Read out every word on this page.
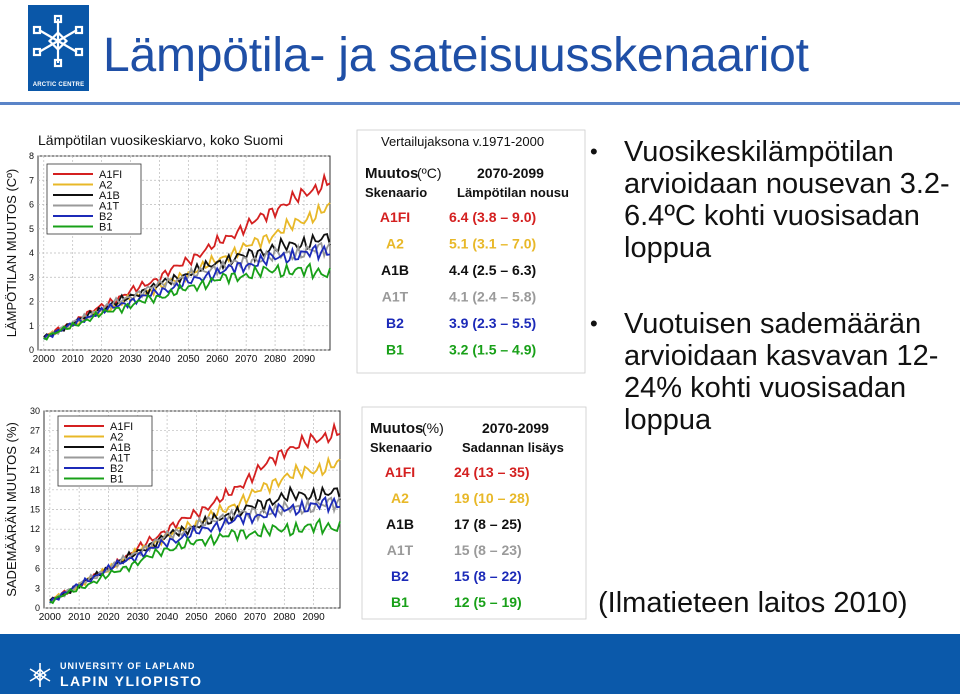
ARCTIC CENTRE
Lämpötila- ja sateisuusskenaariot
Lämpötilan vuosikeskiarvo, koko Suomi
LÄMPÖTILAN MUUTOS (Cº)
0
1
2
3
4
5
6
7
8
2000 2010 2020 2030 2040 2050 2060 2070 2080 2090
A1FI
A2
A1B
A1T
B2
B1
Vertailujaksona v.1971-2000
Muutos
(ºC)	2070-2099
Skenaario Lämpötilan nousu
A1FI	6.4 (3.8 – 9.0)
A2	5.1 (3.1 – 7.0)
A1B	4.4 (2.5 – 6.3)
A1T	4.1 (2.4 – 5.8)
B2	3.9 (2.3 – 5.5)
B1	3.2 (1.5 – 4.9)
SADEMÄÄRÄN MUUTOS (%)
0
3
6
9
12
15
18
21
24
27
30
2000 2010 2020 2030 2040 2050 2060 2070 2080 2090
A1FI
A2
A1B
A1T
B2
B1
Muutos
(%)	2070-2099
Skenaario Sadannan lisäys
A1FI	24 (13 – 35)
A2	19 (10 – 28)
A1B	17 (8 – 25)
A1T	15 (8 – 23)
B2	15 (8 – 22)
B1	12 (5 – 19)
• Vuosikeskilämpötilan arvioidaan nousevan 3.2-6.4ºC kohti vuosisadan loppua
• Vuotuisen sademäärän arvioidaan kasvavan 12-24% kohti vuosisadan loppua
(Ilmatieteen laitos 2010)
UNIVERSITY OF LAPLAND
LAPIN YLIOPISTO
